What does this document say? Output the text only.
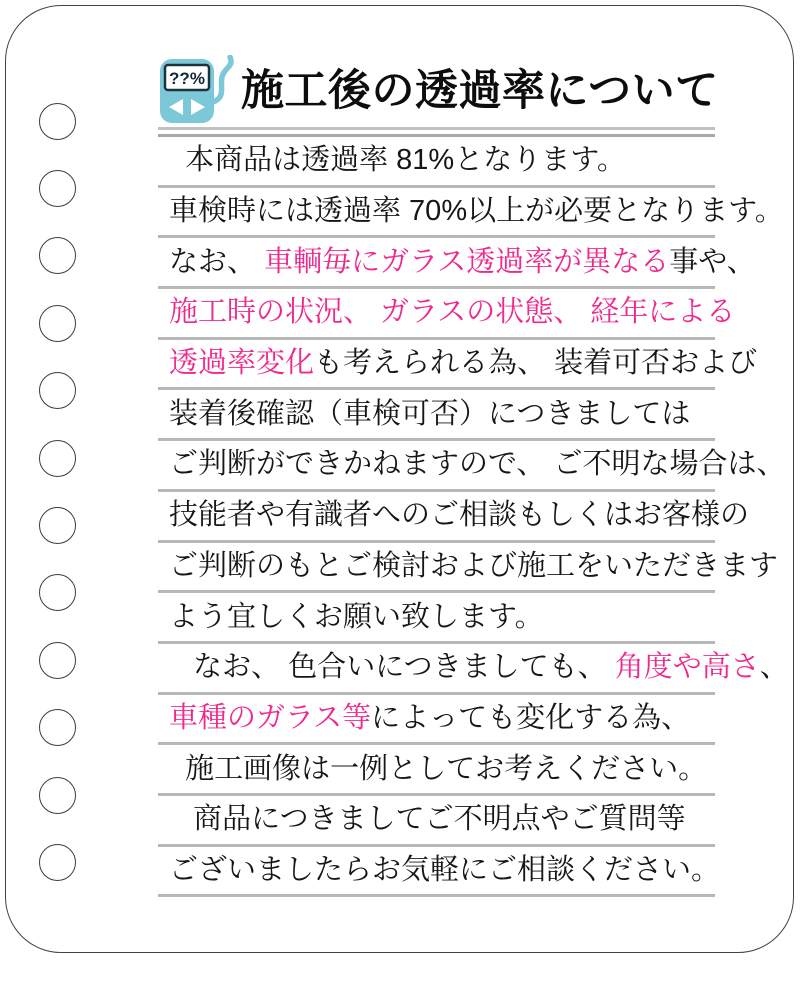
??% 施工後の透過率について
本商品は透過率 81%となります。
車検時には透過率 70%以上が必要となります。
なお、 車輌毎にガラス透過率が異なる 事や、
施工時の状況、 ガラスの状態、 経年による
透過率変化 も考えられる為、 装着可否および
装着後確認（車検可否）につきましては
ご判断ができかねますので、 ご不明な場合は、
技能者や有識者へのご相談もしくはお客様の
ご判断のもとご検討および施工をいただきます
よう宜しくお願い致します。
なお、 色合いにつきましても、 角度や高さ 、
車種のガラス等 によっても変化する為、
施工画像は一例としてお考えください。
商品につきましてご不明点やご質問等
ございましたらお気軽にご相談ください。
